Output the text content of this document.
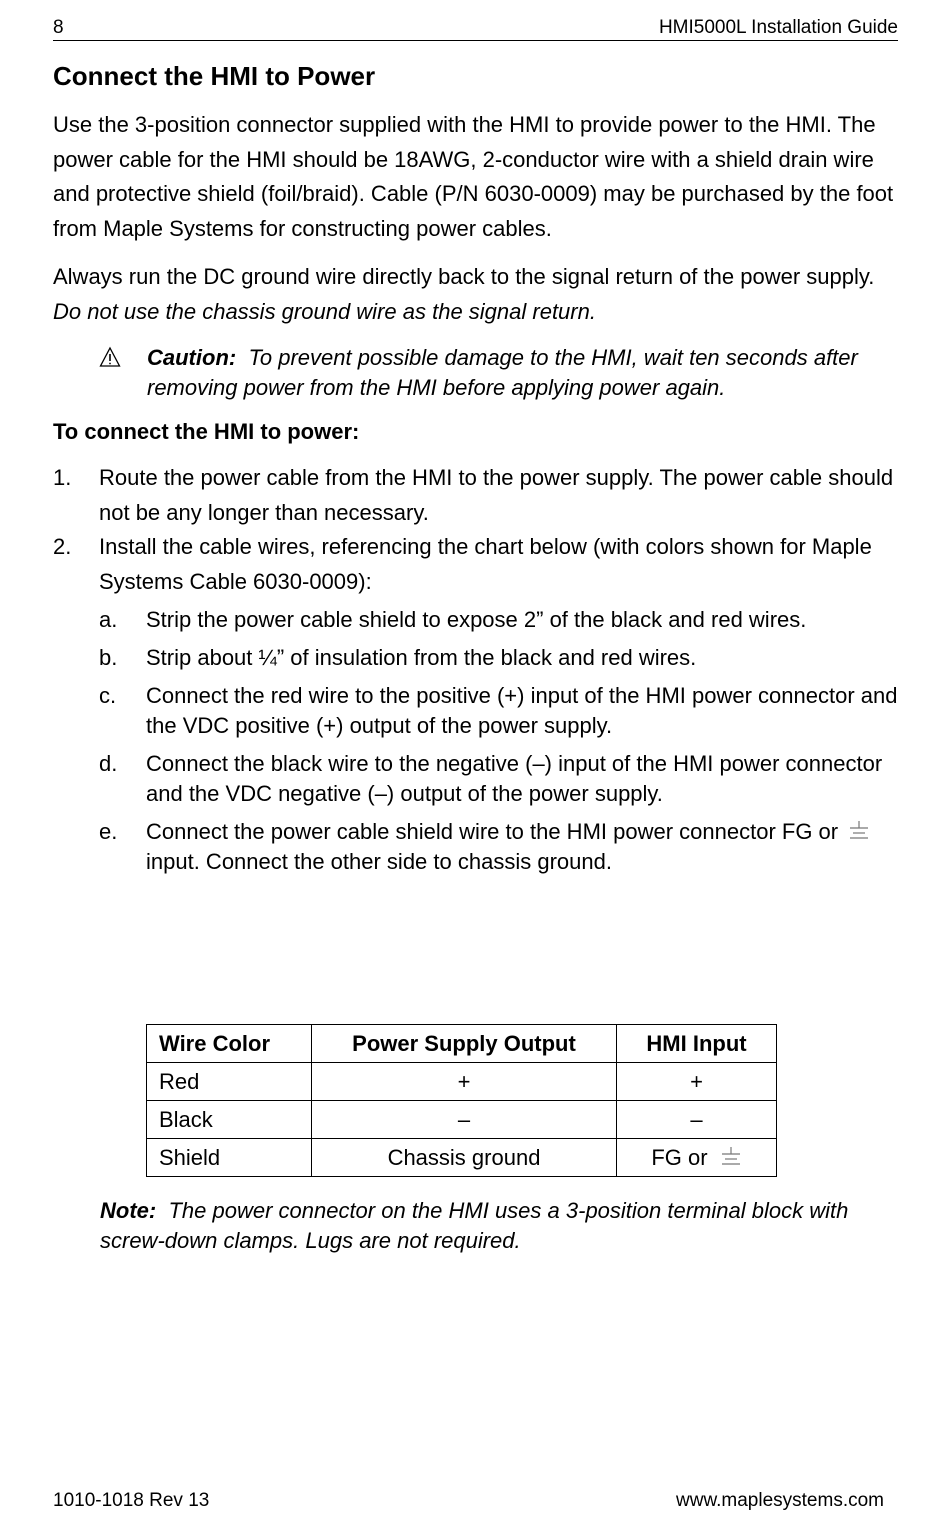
8	HMI5000L Installation Guide
Connect the HMI to Power

Use the 3-position connector supplied with the HMI to provide power to the HMI. The power cable for the HMI should be 18AWG, 2-conductor wire with a shield drain wire and protective shield (foil/braid). Cable (P/N 6030-0009) may be purchased by the foot from Maple Systems for constructing power cables.

Always run the DC ground wire directly back to the signal return of the power supply. Do not use the chassis ground wire as the signal return.

Caution: To prevent possible damage to the HMI, wait ten seconds after removing power from the HMI before applying power again.
To connect the HMI to power:
1. Route the power cable from the HMI to the power supply. The power cable should not be any longer than necessary.
2. Install the cable wires, referencing the chart below (with colors shown for Maple Systems Cable 6030-0009):
a. Strip the power cable shield to expose 2” of the black and red wires.
b. Strip about ¼” of insulation from the black and red wires.
c. Connect the red wire to the positive (+) input of the HMI power connector and the VDC positive (+) output of the power supply.
d. Connect the black wire to the negative (–) input of the HMI power connector and the VDC negative (–) output of the power supply.
e. Connect the power cable shield wire to the HMI power connector FG or  input. Connect the other side to chassis ground.
Wire Color	Power Supply Output	HMI Input
Red	+	+
Black	–	–
Shield	Chassis ground	FG or
Note: The power connector on the HMI uses a 3-position terminal block with screw-down clamps. Lugs are not required.
1010-1018 Rev 13	www.maplesystems.com
